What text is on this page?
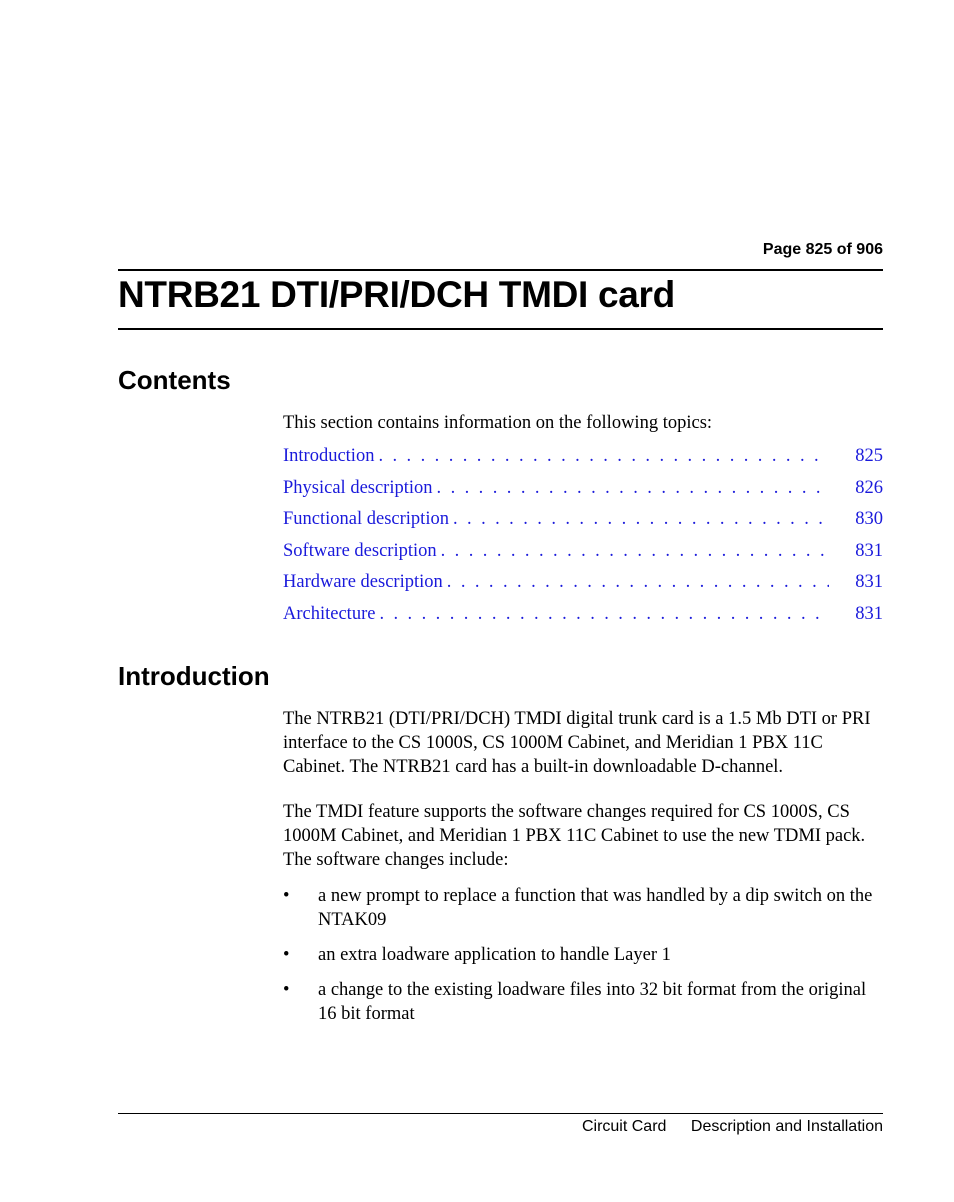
Page 825 of 906
NTRB21 DTI/PRI/DCH TMDI card
Contents

This section contains information on the following topics:

Introduction . . .	825
Physical description . . .	826
Functional description . . .	830
Software description . . .	831
Hardware description . . .	831
Architecture . . .	831
Introduction

The NTRB21 (DTI/PRI/DCH) TMDI digital trunk card is a 1.5 Mb DTI or PRI interface to the CS 1000S, CS 1000M Cabinet, and Meridian 1 PBX 11C Cabinet. The NTRB21 card has a built-in downloadable D-channel.

The TMDI feature supports the software changes required for CS 1000S, CS 1000M Cabinet, and Meridian 1 PBX 11C Cabinet to use the new TDMI pack. The software changes include:

• a new prompt to replace a function that was handled by a dip switch on the NTAK09
• an extra loadware application to handle Layer 1
• a change to the existing loadware files into 32 bit format from the original 16 bit format
Circuit Card Description and Installation
